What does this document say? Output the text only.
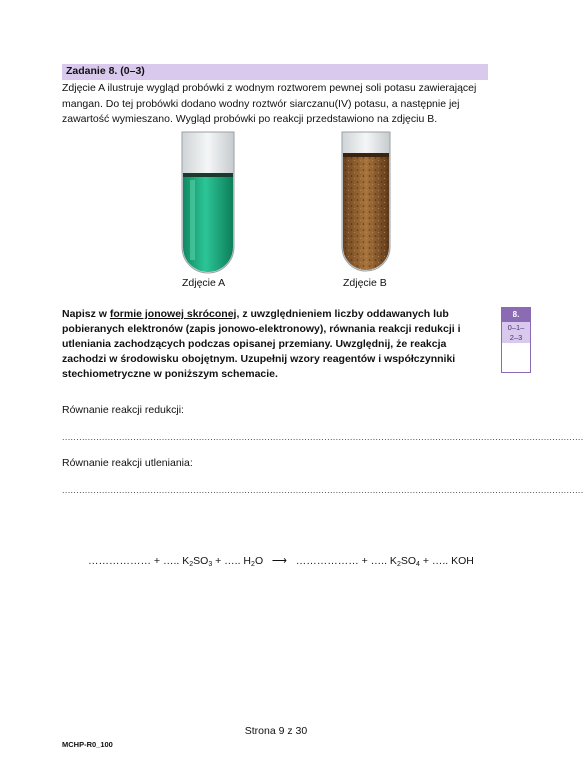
Zadanie 8. (0–3)
Zdjęcie A ilustruje wygląd probówki z wodnym roztworem pewnej soli potasu zawierającej mangan. Do tej probówki dodano wodny roztwór siarczanu(IV) potasu, a następnie jej zawartość wymieszano. Wygląd probówki po reakcji przedstawiono na zdjęciu B.
Zdjęcie A	Zdjęcie B
Napisz w formie jonowej skróconej, z uwzględnieniem liczby oddawanych lub pobieranych elektronów (zapis jonowo-elektronowy), równania reakcji redukcji i utleniania zachodzących podczas opisanej przemiany. Uwzględnij, że reakcja zachodzi w środowisku obojętnym. Uzupełnij wzory reagentów i współczynniki stechiometryczne w poniższym schemacie.
8.
0–1–
2–3
Równanie reakcji redukcji:
.......................................................................................................................................................................................
Równanie reakcji utleniania:
.......................................................................................................................................................................................
……………… + ….. $K_2SO_3$ + ….. $H_2O$ ⟶ ……………… + ….. $K_2SO_4$ + ….. KOH
Strona 9 z 30
MCHP-R0_100
